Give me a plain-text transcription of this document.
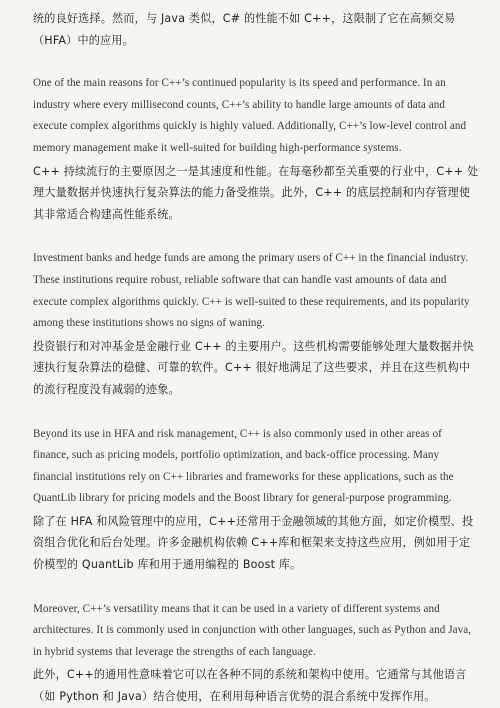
统的良好选择。然而，与 Java 类似，C# 的性能不如 C++，这限制了它在高频交易（HFA）中的应用。

One of the main reasons for C++’s continued popularity is its speed and performance. In an industry where every millisecond counts, C++’s ability to handle large amounts of data and execute complex algorithms quickly is highly valued. Additionally, C++’s low-level control and memory management make it well-suited for building high-performance systems.

C++ 持续流行的主要原因之一是其速度和性能。在每毫秒都至关重要的行业中，C++ 处理大量数据并快速执行复杂算法的能力备受推崇。此外，C++ 的底层控制和内存管理使其非常适合构建高性能系统。

Investment banks and hedge funds are among the primary users of C++ in the financial industry. These institutions require robust, reliable software that can handle vast amounts of data and execute complex algorithms quickly. C++ is well-suited to these requirements, and its popularity among these institutions shows no signs of waning.

投资银行和对冲基金是金融行业 C++ 的主要用户。这些机构需要能够处理大量数据并快速执行复杂算法的稳健、可靠的软件。C++ 很好地满足了这些要求，并且在这些机构中的流行程度没有减弱的迹象。

Beyond its use in HFA and risk management, C++ is also commonly used in other areas of finance, such as pricing models, portfolio optimization, and back-office processing. Many financial institutions rely on C++ libraries and frameworks for these applications, such as the QuantLib library for pricing models and the Boost library for general-purpose programming.

除了在 HFA 和风险管理中的应用，C++还常用于金融领域的其他方面，如定价模型、投资组合优化和后台处理。许多金融机构依赖 C++库和框架来支持这些应用，例如用于定价模型的 QuantLib 库和用于通用编程的 Boost 库。

Moreover, C++’s versatility means that it can be used in a variety of different systems and architectures. It is commonly used in conjunction with other languages, such as Python and Java, in hybrid systems that leverage the strengths of each language.

此外，C++的通用性意味着它可以在各种不同的系统和架构中使用。它通常与其他语言（如 Python 和 Java）结合使用，在利用每种语言优势的混合系统中发挥作用。
